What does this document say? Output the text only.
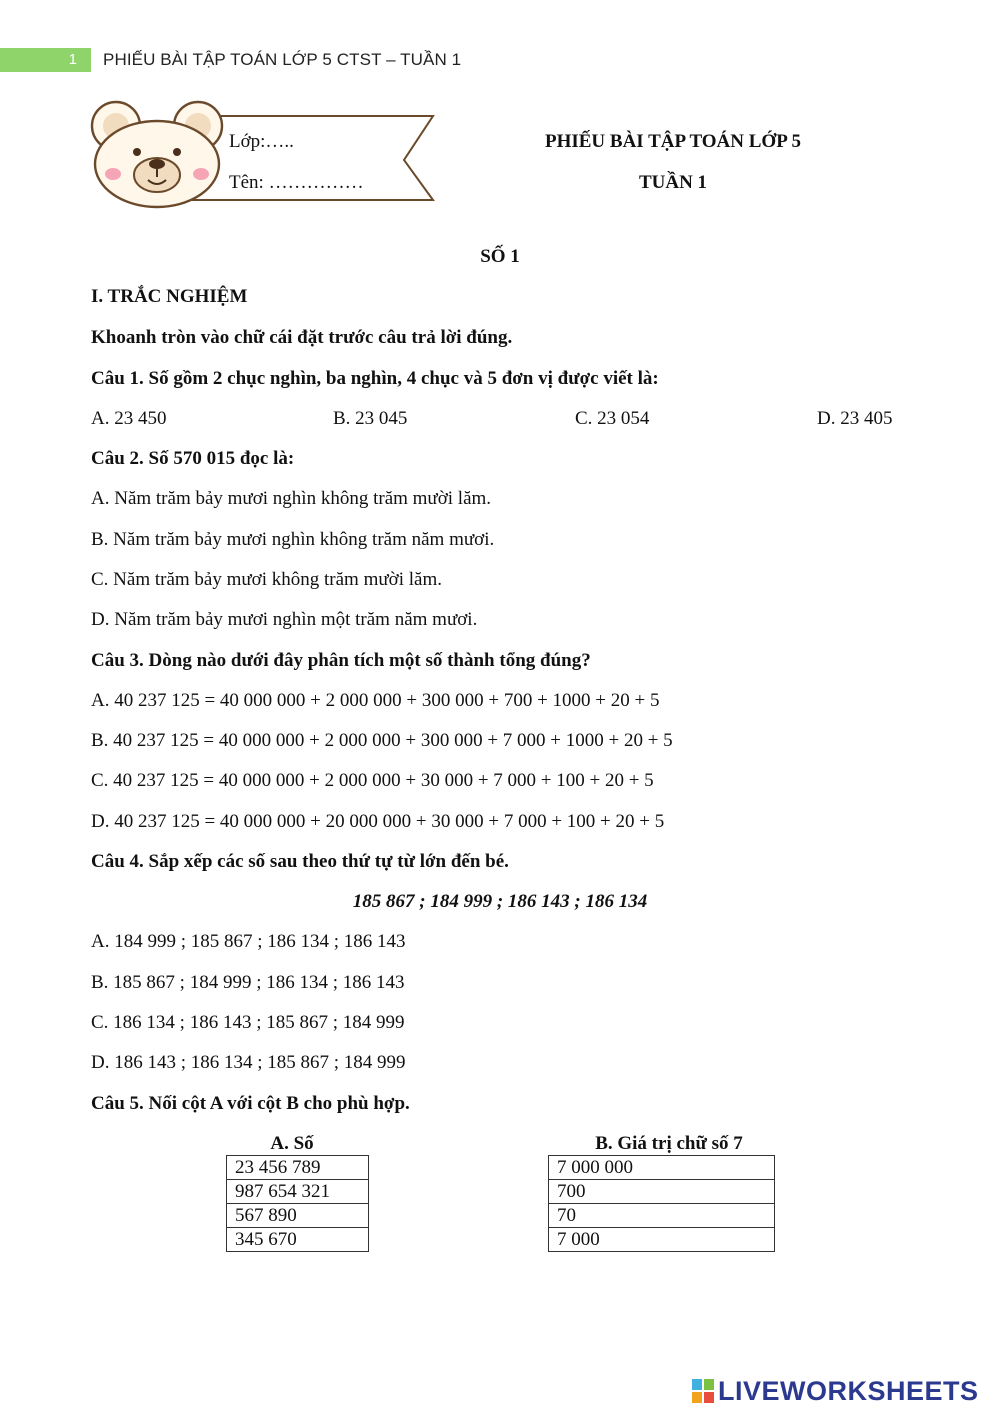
1	PHIẾU BÀI TẬP TOÁN LỚP 5 CTST – TUẦN 1
Lớp:…..
Tên: ……………
PHIẾU BÀI TẬP TOÁN LỚP 5
TUẦN 1
SỐ 1
I. TRẮC NGHIỆM
Khoanh tròn vào chữ cái đặt trước câu trả lời đúng.
Câu 1. Số gồm 2 chục nghìn, ba nghìn, 4 chục và 5 đơn vị được viết là:
A. 23 450	B. 23 045	C. 23 054	D. 23 405
Câu 2. Số 570 015 đọc là:
A. Năm trăm bảy mươi nghìn không trăm mười lăm.
B. Năm trăm bảy mươi nghìn không trăm năm mươi.
C. Năm trăm bảy mươi không trăm mười lăm.
D. Năm trăm bảy mươi nghìn một trăm năm mươi.
Câu 3. Dòng nào dưới đây phân tích một số thành tổng đúng?
A. 40 237 125 = 40 000 000 + 2 000 000 + 300 000 + 700 + 1000 + 20 + 5
B. 40 237 125 = 40 000 000 + 2 000 000 + 300 000 + 7 000 + 1000 + 20 + 5
C. 40 237 125 = 40 000 000 + 2 000 000 + 30 000 + 7 000 + 100 + 20 + 5
D. 40 237 125 = 40 000 000 + 20 000 000 + 30 000 + 7 000 + 100 + 20 + 5
Câu 4. Sắp xếp các số sau theo thứ tự từ lớn đến bé.
185 867 ; 184 999 ; 186 143 ; 186 134
A. 184 999 ; 185 867 ; 186 134 ; 186 143
B. 185 867 ; 184 999 ; 186 134 ; 186 143
C. 186 134 ; 186 143 ; 185 867 ; 184 999
D. 186 143 ; 186 134 ; 185 867 ; 184 999
Câu 5. Nối cột A với cột B cho phù hợp.
A. Số	B. Giá trị chữ số 7
23 456 789
987 654 321
567 890
345 670
7 000 000
700
70
7 000
LIVEWORKSHEETS
